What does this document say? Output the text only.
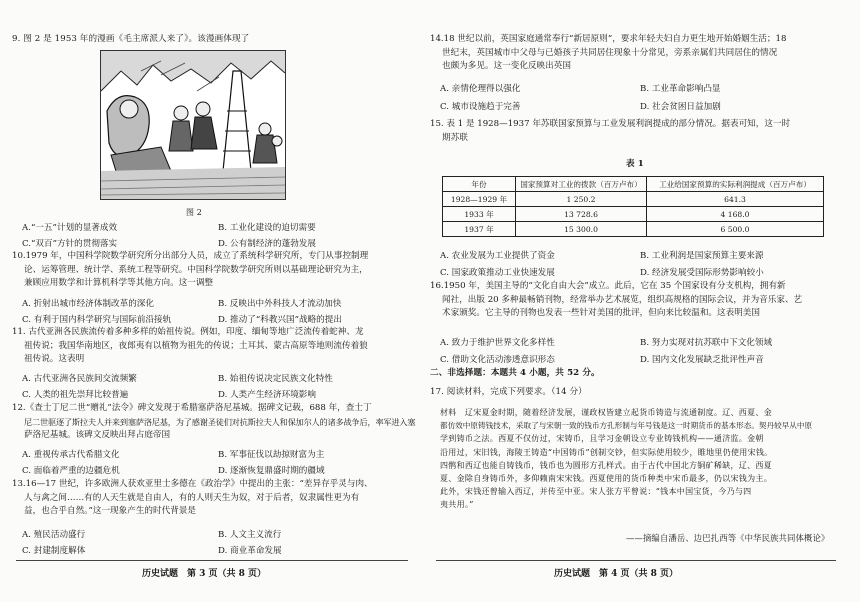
9. 图 2 是 1953 年的漫画《毛主席派人来了》。该漫画体现了
图 2
A.“一五”计划的显著成效	B. 工业化建设的迫切需要
C.“双百”方针的贯彻落实	D. 公有制经济的蓬勃发展
10.1979 年，中国科学院数学研究所分出部分人员，成立了系统科学研究所，专门从事控制理
论、运筹管理、统计学、系统工程等研究。中国科学院数学研究所则以基础理论研究为主，
兼顾应用数学和计算机科学等其他方向。这一调整
A. 折射出城市经济体制改革的深化	B. 反映出中外科技人才流动加快
C. 有利于国内科学研究与国际前沿接轨	D. 推动了“科教兴国”战略的提出
11. 古代亚洲各民族流传着多种多样的始祖传说。例如，印度、缅甸等地广泛流传着蛇神、龙
祖传说；我国华南地区，夜郎夷有以植物为祖先的传说；土耳其、蒙古高原等地则流传着狼
祖传说。这表明
A. 古代亚洲各民族间交流频繁	B. 始祖传说决定民族文化特性
C. 人类的祖先崇拜比较普遍	D. 人类产生经济环境影响
12.《查士丁尼二世“赠礼”法令》碑文发现于希腊塞萨洛尼基城。据碑文记载，688 年，查士丁
尼二世驱逐了斯拉夫人并来到塞萨洛尼基，为了感谢圣徒们对抗斯拉夫人和保加尔人的诸多战争后，率军进入塞
萨洛尼基城。该碑文反映出拜占庭帝国
A. 重视传承古代希腊文化	B. 军事征伐以劫掠财富为主
C. 面临着严重的边疆危机	D. 逐渐恢复鼎盛时期的疆域
13.16—17 世纪，许多欧洲人获欢亚里士多德在《政治学》中提出的主张：“差异存乎灵与肉、
人与禽之间……有的人天生就是自由人，有的人则天生为奴，对于后者，奴隶属性更为有
益，也合乎自然。”这一现象产生的时代背景是
A. 殖民活动盛行	B. 人文主义流行
C. 封建制度解体	D. 商业革命发展
历史试题　第 3 页（共 8 页）
14.18 世纪以前，英国家庭通常奉行“新居原则”，要求年轻夫妇自力更生地开始婚姻生活；18
世纪末，英国城市中父母与已婚孩子共同居住现象十分常见，旁系亲属们共同居住的情况
也颇为多见。这一变化反映出英国
A. 亲情伦理得以强化	B. 工业革命影响凸显
C. 城市设施趋于完善	D. 社会贫困日益加剧
15. 表 1 是 1928—1937 年苏联国家预算与工业发展利润提成的部分情况。据表可知，这一时
期苏联
表 1
年份	国家预算对工业的拨款（百万卢布）	工业给国家预算的实际利润提成（百万卢布）
1928—1929 年	1 250.2	641.3
1933 年	13 728.6	4 168.0
1937 年	15 300.0	6 500.0
A. 农业发展为工业提供了资金	B. 工业利润是国家预算主要来源
C. 国家政策推动工业快速发展	D. 经济发展受国际形势影响较小
16.1950 年，美国主导的“文化自由大会”成立。此后，它在 35 个国家设有分支机构，拥有新
闻社，出版 20 多种最畅销刊物，经常举办艺术展览，组织高规格的国际会议，并为音乐家、艺
术家颁奖。它主导的刊物也发表一些针对美国的批评，但向来比较温和。这表明美国
A. 致力于维护世界文化多样性	B. 努力实现对抗苏联中下文化领域
C. 借助文化活动渗透意识形态	D. 国内文化发展缺乏批评性声音
二、非选择题：本题共 4 小题，共 52 分。
17. 阅读材料，完成下列要求。（14 分）
材料　辽宋夏金时期，随着经济发展，谨政权皆建立起货币铸造与流通制度。辽、西夏、金
都仿效中原铸钱技术，采取了与宋朝一致的钱币方孔形制与年号钱是这一时期货币的基本形态。契丹较早从中原
学到铸币之法。西夏不仅仿过，宋铸币，且学习金朝设立专业铸钱机构——通济监。金朝
沿用过，宋旧钱，海陵王铸造“中国铸币”创制交钞，但实际使用较少，睢地里仍使用宋钱。
四鹘和西辽也能自铸钱币，钱币也为圆形方孔样式。由于古代中国北方铜矿稀缺，辽、西夏
夏、金除自身铸币外，多仰赖南宋宋钱。西夏使用的货币种类中宋币最多，仍以宋钱为主。
此外，宋钱还曾输入西辽，并传至中亚。宋人张方平曾说：“钱本中国宝货，今乃与四
夷共用。”
——摘编自潘岳、边巴扎西等《中华民族共同体概论》
历史试题　第 4 页（共 8 页）
